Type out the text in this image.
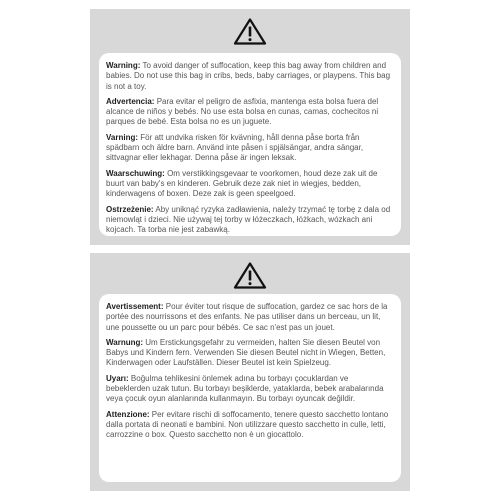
Warning: To avoid danger of suffocation, keep this bag away from children and babies. Do not use this bag in cribs, beds, baby carriages, or playpens. This bag is not a toy.

Advertencia: Para evitar el peligro de asfixia, mantenga esta bolsa fuera del alcance de niños y bebés. No use esta bolsa en cunas, camas, cochecitos ni parques de bebé. Esta bolsa no es un juguete.

Varning: För att undvika risken för kvävning, håll denna påse borta från spädbarn och äldre barn. Använd inte påsen i spjälsängar, andra sängar, sittvagnar eller lekhagar. Denna påse är ingen leksak.

Waarschuwing: Om verstikkingsgevaar te voorkomen, houd deze zak uit de buurt van baby's en kinderen. Gebruik deze zak niet in wiegjes, bedden, kinderwagens of boxen. Deze zak is geen speelgoed.

Ostrzeżenie: Aby uniknąć ryzyka zadławienia, należy trzymać tę torbę z dala od niemowląt i dzieci. Nie używaj tej torby w łóżeczkach, łóżkach, wózkach ani kojcach. Ta torba nie jest zabawką.

Avertissement: Pour éviter tout risque de suffocation, gardez ce sac hors de la portée des nourrissons et des enfants. Ne pas utiliser dans un berceau, un lit, une poussette ou un parc pour bébés. Ce sac n'est pas un jouet.

Warnung: Um Erstickungsgefahr zu vermeiden, halten Sie diesen Beutel von Babys und Kindern fern. Verwenden Sie diesen Beutel nicht in Wiegen, Betten, Kinderwagen oder Laufställen. Dieser Beutel ist kein Spielzeug.

Uyarı: Boğulma tehlikesini önlemek adına bu torbayı çocuklardan ve bebeklerden uzak tutun. Bu torbayı beşiklerde, yataklarda, bebek arabalarında veya çocuk oyun alanlarında kullanmayın. Bu torbayı oyuncak değildir.

Attenzione: Per evitare rischi di soffocamento, tenere questo sacchetto lontano dalla portata di neonati e bambini. Non utilizzare questo sacchetto in culle, letti, carrozzine o box. Questo sacchetto non è un giocattolo.
